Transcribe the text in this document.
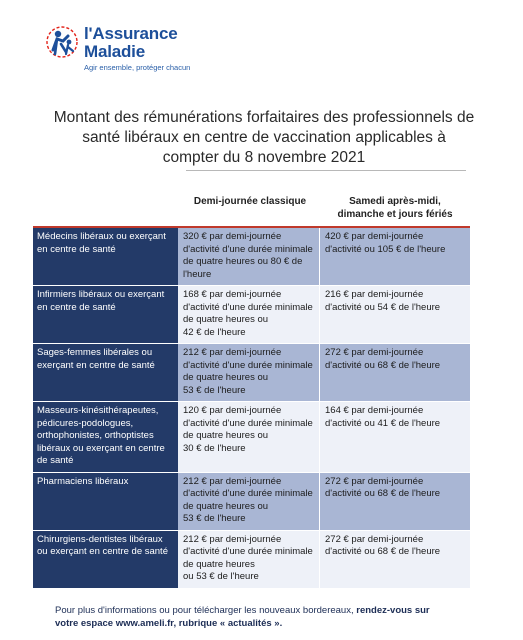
l'Assurance
Maladie
Agir ensemble, protéger chacun
Montant des rémunérations forfaitaires des professionnels de
santé libéraux en centre de vaccination applicables à
compter du 8 novembre 2021
Demi-journée classique	Samedi après-midi,
dimanche et jours fériés
Médecins libéraux ou exerçant
en centre de santé
320 € par demi-journée
d'activité d'une durée minimale
de quatre heures ou 80 € de
l'heure
420 € par demi-journée
d'activité ou 105 € de l'heure
Infirmiers libéraux ou exerçant
en centre de santé
168 € par demi-journée
d'activité d'une durée minimale
de quatre heures ou
42 € de l'heure
216 € par demi-journée
d'activité ou 54 € de l'heure
Sages-femmes libérales ou
exerçant en centre de santé
212 € par demi-journée
d'activité d'une durée minimale
de quatre heures ou
53 € de l'heure
272 € par demi-journée
d'activité ou 68 € de l'heure
Masseurs-kinésithérapeutes,
pédicures-podologues,
orthophonistes, orthoptistes
libéraux ou exerçant en centre
de santé
120 € par demi-journée
d'activité d'une durée minimale
de quatre heures ou
30 € de l'heure
164 € par demi-journée
d'activité ou 41 € de l'heure
Pharmaciens libéraux	212 € par demi-journée
d'activité d'une durée minimale
de quatre heures ou
53 € de l'heure
272 € par demi-journée
d'activité ou 68 € de l'heure
Chirurgiens-dentistes libéraux
ou exerçant en centre de santé
212 € par demi-journée
d'activité d'une durée minimale
de quatre heures
ou 53 € de l'heure
272 € par demi-journée
d'activité ou 68 € de l'heure
Pour plus d'informations ou pour télécharger les nouveaux bordereaux, rendez-vous sur
votre espace www.ameli.fr, rubrique « actualités ».
